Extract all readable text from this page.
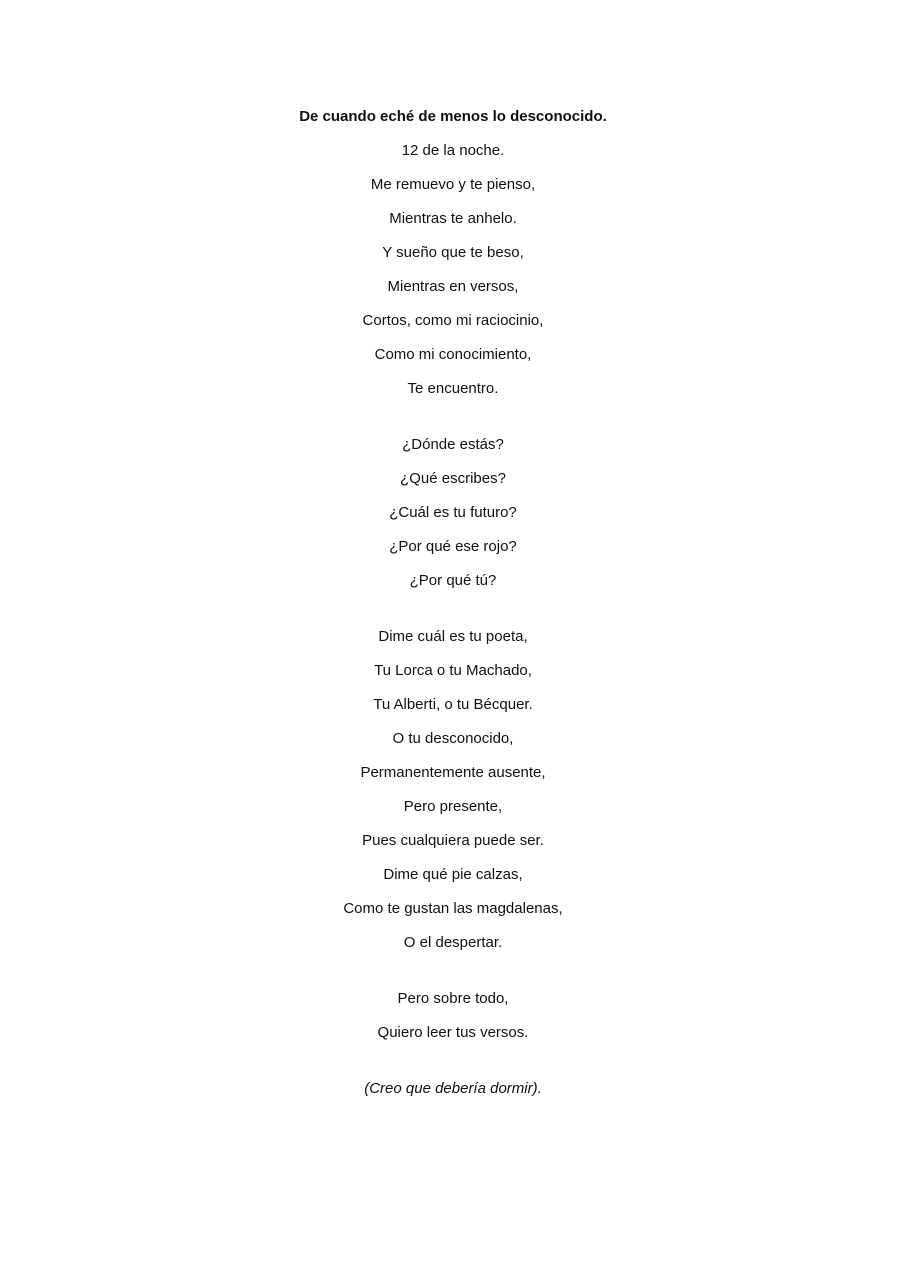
De cuando eché de menos lo desconocido.
12 de la noche.
Me remuevo y te pienso,
Mientras te anhelo.
Y sueño que te beso,
Mientras en versos,
Cortos, como mi raciocinio,
Como mi conocimiento,
Te encuentro.
¿Dónde estás?
¿Qué escribes?
¿Cuál es tu futuro?
¿Por qué ese rojo?
¿Por qué tú?
Dime cuál es tu poeta,
Tu Lorca o tu Machado,
Tu Alberti, o tu Bécquer.
O tu desconocido,
Permanentemente ausente,
Pero presente,
Pues cualquiera puede ser.
Dime qué pie calzas,
Como te gustan las magdalenas,
O el despertar.
Pero sobre todo,
Quiero leer tus versos.
(Creo que debería dormir).
